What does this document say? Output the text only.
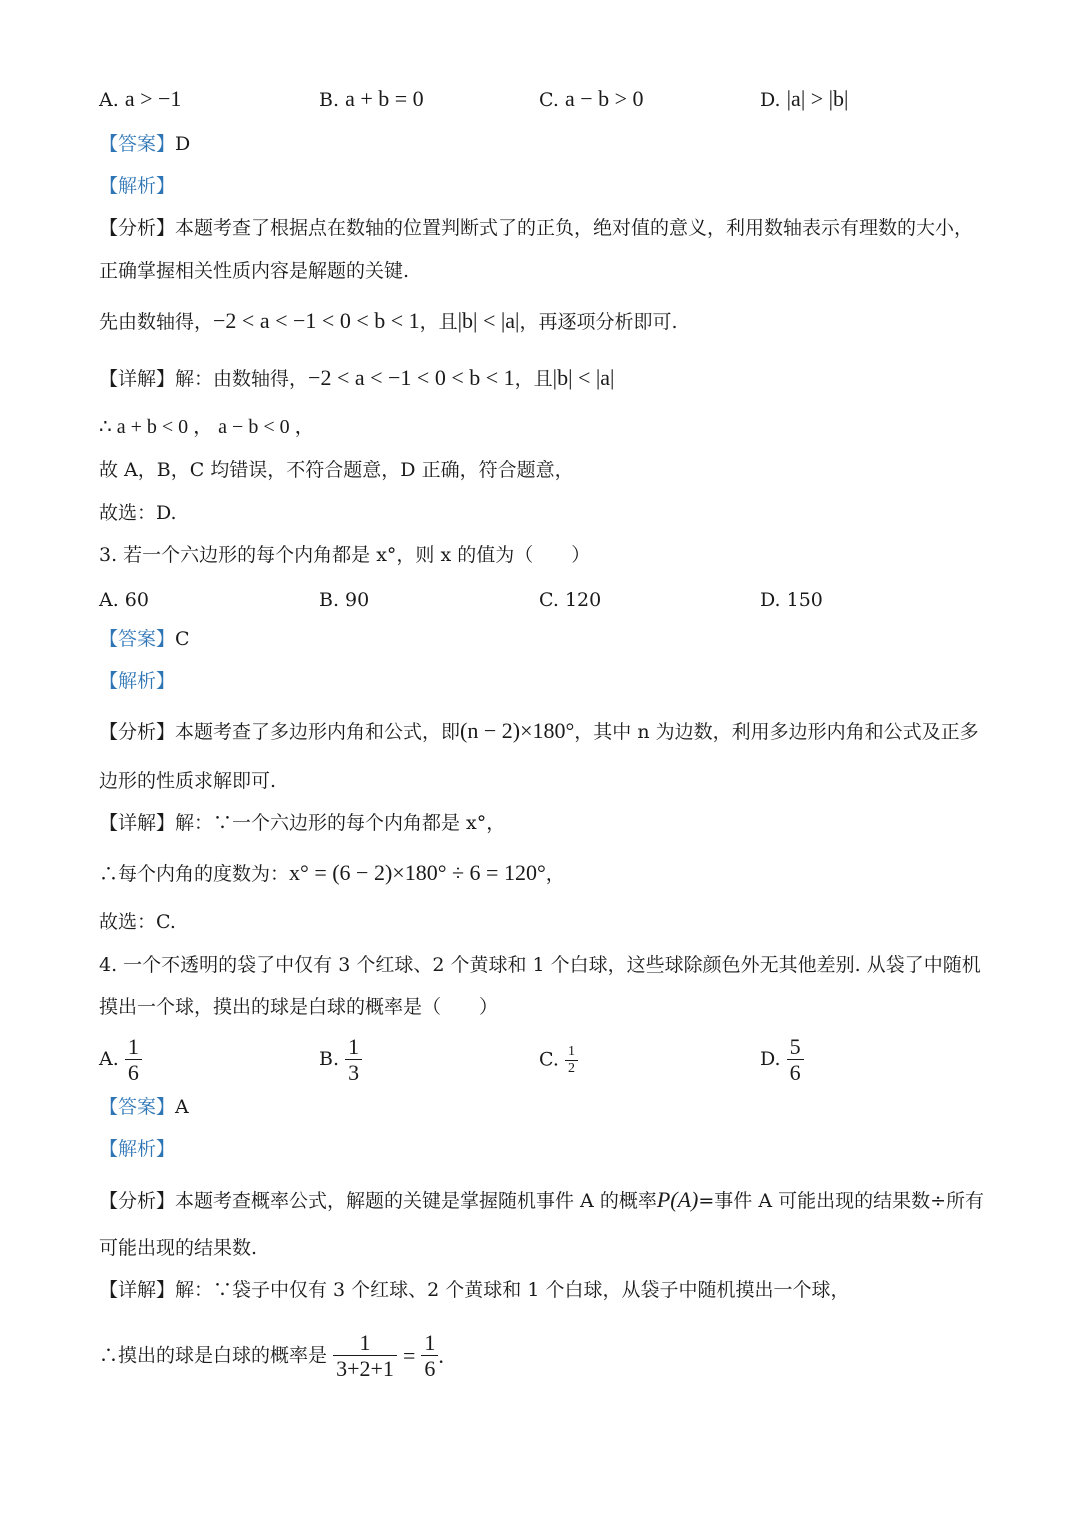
A. a > −1	B. a + b = 0	C. a − b > 0	D. |a| > |b|
【答案】D
【解析】
【分析】本题考查了根据点在数轴的位置判断式了的正负，绝对值的意义，利用数轴表示有理数的大小，
正确掌握相关性质内容是解题的关键.
先由数轴得，−2 < a < −1 < 0 < b < 1，且|b| < |a|，再逐项分析即可.
【详解】解：由数轴得，−2 < a < −1 < 0 < b < 1，且|b| < |a|
∴ a + b < 0 ， a − b < 0 ，
故 A，B，C 均错误，不符合题意，D 正确，符合题意，
故选：D.
3. 若一个六边形的每个内角都是 x°，则 x 的值为（　　）
A. 60	B. 90	C. 120	D. 150
【答案】C
【解析】
【分析】本题考查了多边形内角和公式，即(n − 2)×180°，其中 n 为边数，利用多边形内角和公式及正多
边形的性质求解即可.
【详解】解：∵一个六边形的每个内角都是 x°，
∴每个内角的度数为：x° = (6 − 2)×180° ÷ 6 = 120°，
故选：C.
4. 一个不透明的袋了中仅有 3 个红球、2 个黄球和 1 个白球，这些球除颜色外无其他差别. 从袋了中随机
摸出一个球，摸出的球是白球的概率是（　　）
A. $\frac{1}{6}$	B. $\frac{1}{3}$	C. $\frac{1}{2}$	D. $\frac{5}{6}$
【答案】A
【解析】
【分析】本题考查概率公式，解题的关键是掌握随机事件 A 的概率P(A)=事件 A 可能出现的结果数÷所有
可能出现的结果数.
【详解】解：∵袋子中仅有 3 个红球、2 个黄球和 1 个白球，从袋子中随机摸出一个球，
∴摸出的球是白球的概率是 $\frac{1}{3+2+1} = \frac{1}{6}$ .
